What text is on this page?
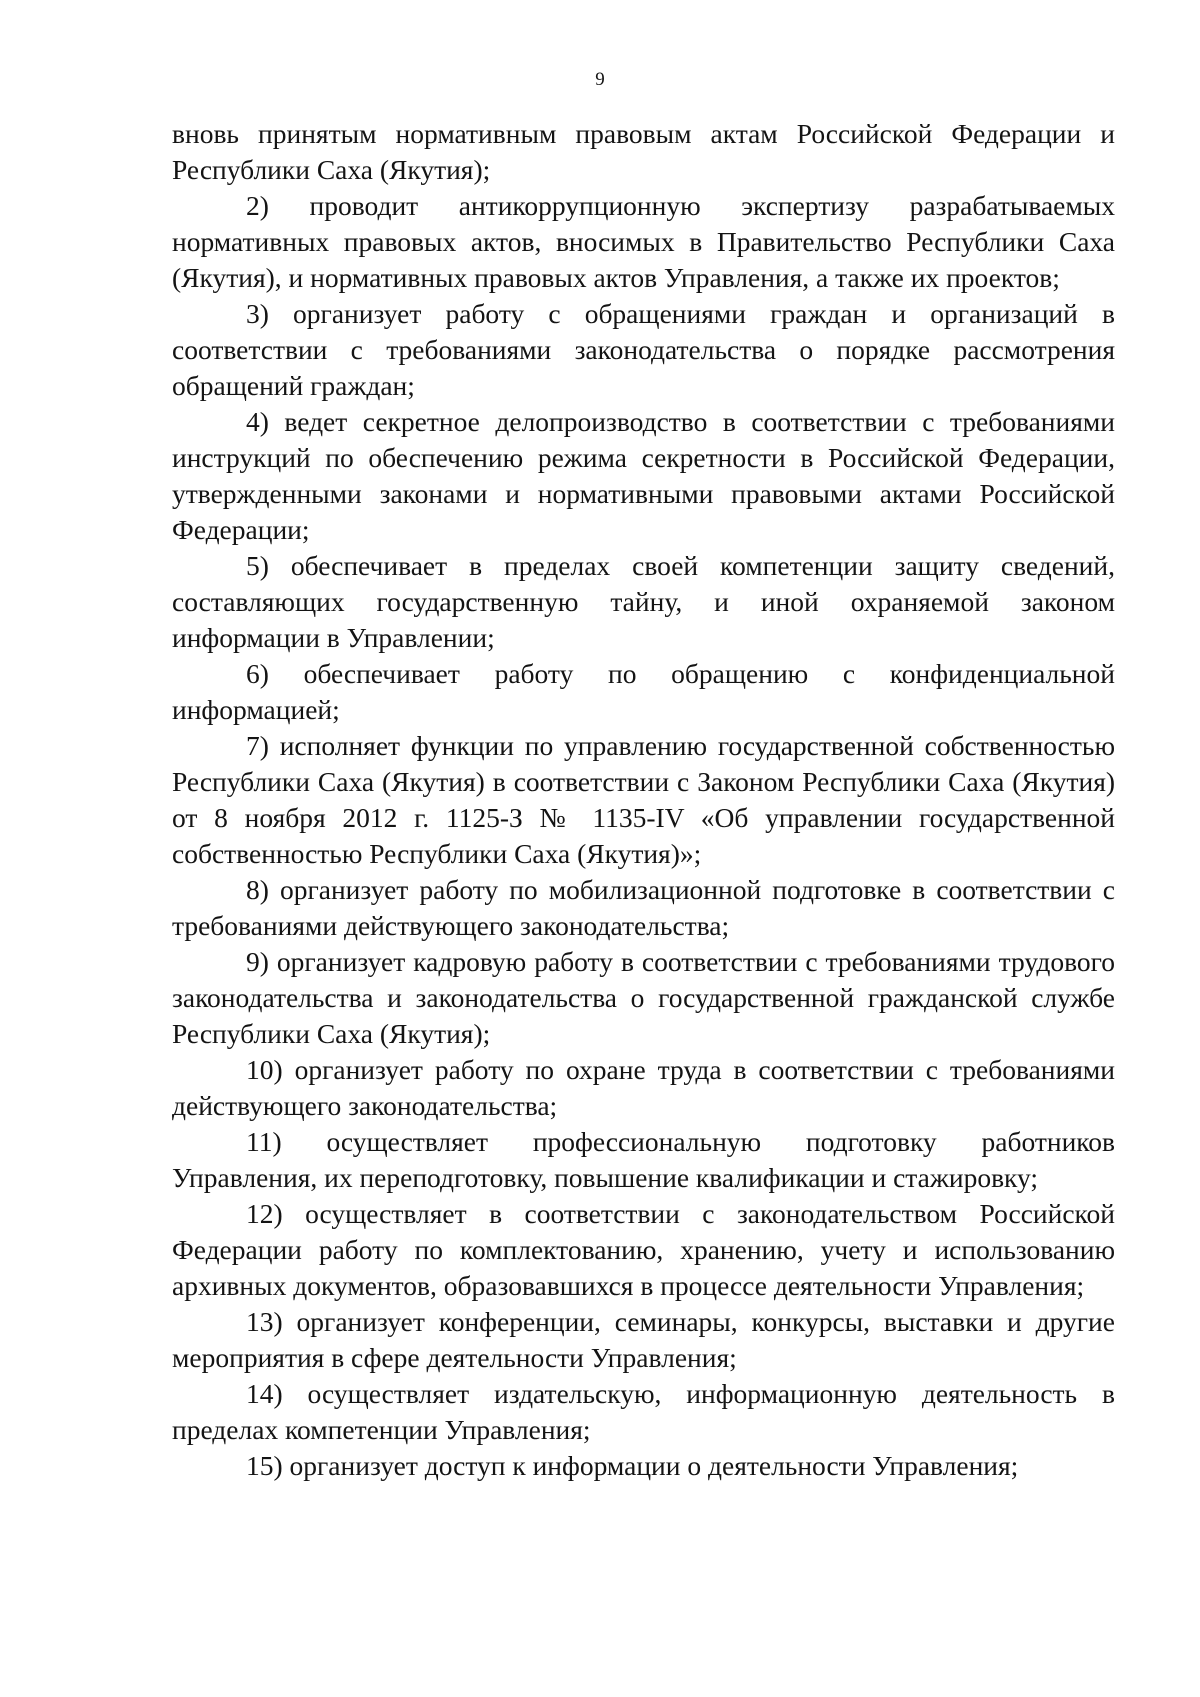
9

вновь принятым нормативным правовым актам Российской Федерации и Республики Саха (Якутия);

2) проводит антикоррупционную экспертизу разрабатываемых нормативных правовых актов, вносимых в Правительство Республики Саха (Якутия), и нормативных правовых актов Управления, а также их проектов;

3) организует работу с обращениями граждан и организаций в соответствии с требованиями законодательства о порядке рассмотрения обращений граждан;

4) ведет секретное делопроизводство в соответствии с требованиями инструкций по обеспечению режима секретности в Российской Федерации, утвержденными законами и нормативными правовыми актами Российской Федерации;

5) обеспечивает в пределах своей компетенции защиту сведений, составляющих государственную тайну, и иной охраняемой законом информации в Управлении;

6) обеспечивает работу по обращению с конфиденциальной информацией;

7) исполняет функции по управлению государственной собственностью Республики Саха (Якутия) в соответствии с Законом Республики Саха (Якутия) от 8 ноября 2012 г. 1125-З № 1135-IV «Об управлении государственной собственностью Республики Саха (Якутия)»;

8) организует работу по мобилизационной подготовке в соответствии с требованиями действующего законодательства;

9) организует кадровую работу в соответствии с требованиями трудового законодательства и законодательства о государственной гражданской службе Республики Саха (Якутия);

10) организует работу по охране труда в соответствии с требованиями действующего законодательства;

11) осуществляет профессиональную подготовку работников Управления, их переподготовку, повышение квалификации и стажировку;

12) осуществляет в соответствии с законодательством Российской Федерации работу по комплектованию, хранению, учету и использованию архивных документов, образовавшихся в процессе деятельности Управления;

13) организует конференции, семинары, конкурсы, выставки и другие мероприятия в сфере деятельности Управления;

14) осуществляет издательскую, информационную деятельность в пределах компетенции Управления;

15) организует доступ к информации о деятельности Управления;
